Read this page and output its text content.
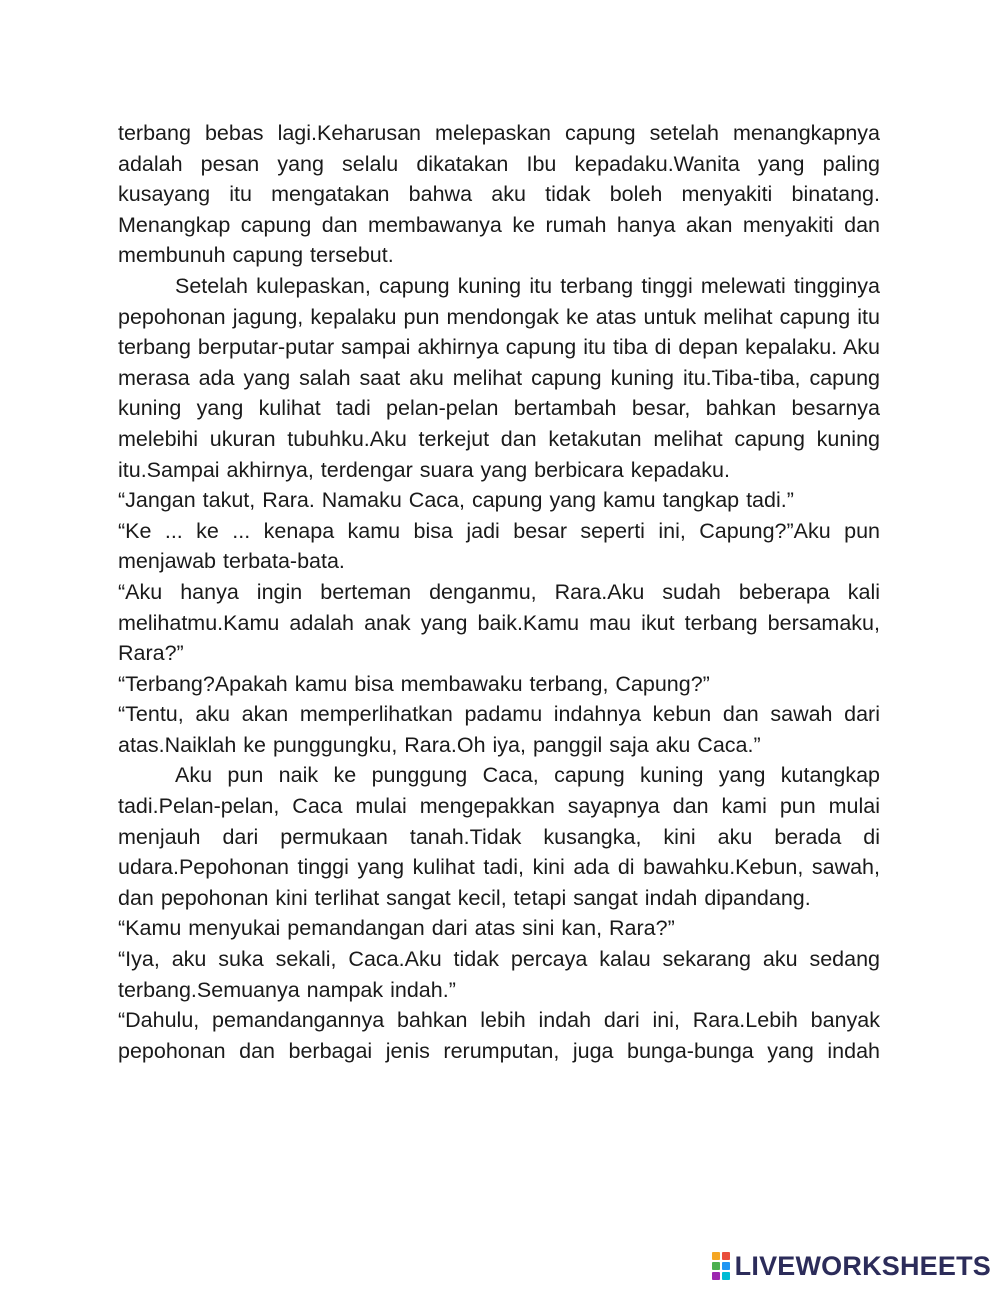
terbang bebas lagi.Keharusan melepaskan capung setelah menangkapnya adalah pesan yang selalu dikatakan Ibu kepadaku.Wanita yang paling kusayang itu mengatakan bahwa aku tidak boleh menyakiti binatang. Menangkap capung dan membawanya ke rumah hanya akan menyakiti dan membunuh capung tersebut.

Setelah kulepaskan, capung kuning itu terbang tinggi melewati tingginya pepohonan jagung, kepalaku pun mendongak ke atas untuk melihat capung itu terbang berputar-putar sampai akhirnya capung itu tiba di depan kepalaku. Aku merasa ada yang salah saat aku melihat capung kuning itu.Tiba-tiba, capung kuning yang kulihat tadi pelan-pelan bertambah besar, bahkan besarnya melebihi ukuran tubuhku.Aku terkejut dan ketakutan melihat capung kuning itu.Sampai akhirnya, terdengar suara yang berbicara kepadaku.

“Jangan takut, Rara. Namaku Caca, capung yang kamu tangkap tadi.”

“Ke ... ke ... kenapa kamu bisa jadi besar seperti ini, Capung?”Aku pun menjawab terbata-bata.

“Aku hanya ingin berteman denganmu, Rara.Aku sudah beberapa kali melihatmu.Kamu adalah anak yang baik.Kamu mau ikut terbang bersamaku, Rara?”

“Terbang?Apakah kamu bisa membawaku terbang, Capung?”

“Tentu, aku akan memperlihatkan padamu indahnya kebun dan sawah dari atas.Naiklah ke punggungku, Rara.Oh iya, panggil saja aku Caca.”

Aku pun naik ke punggung Caca, capung kuning yang kutangkap tadi.Pelan-pelan, Caca mulai mengepakkan sayapnya dan kami pun mulai menjauh dari permukaan tanah.Tidak kusangka, kini aku berada di udara.Pepohonan tinggi yang kulihat tadi, kini ada di bawahku.Kebun, sawah, dan pepohonan kini terlihat sangat kecil, tetapi sangat indah dipandang.

“Kamu menyukai pemandangan dari atas sini kan, Rara?”

“Iya, aku suka sekali, Caca.Aku tidak percaya kalau sekarang aku sedang terbang.Semuanya nampak indah.”

“Dahulu, pemandangannya bahkan lebih indah dari ini, Rara.Lebih banyak pepohonan dan berbagai jenis rerumputan, juga bunga-bunga yang indah

LIVEWORKSHEETS
